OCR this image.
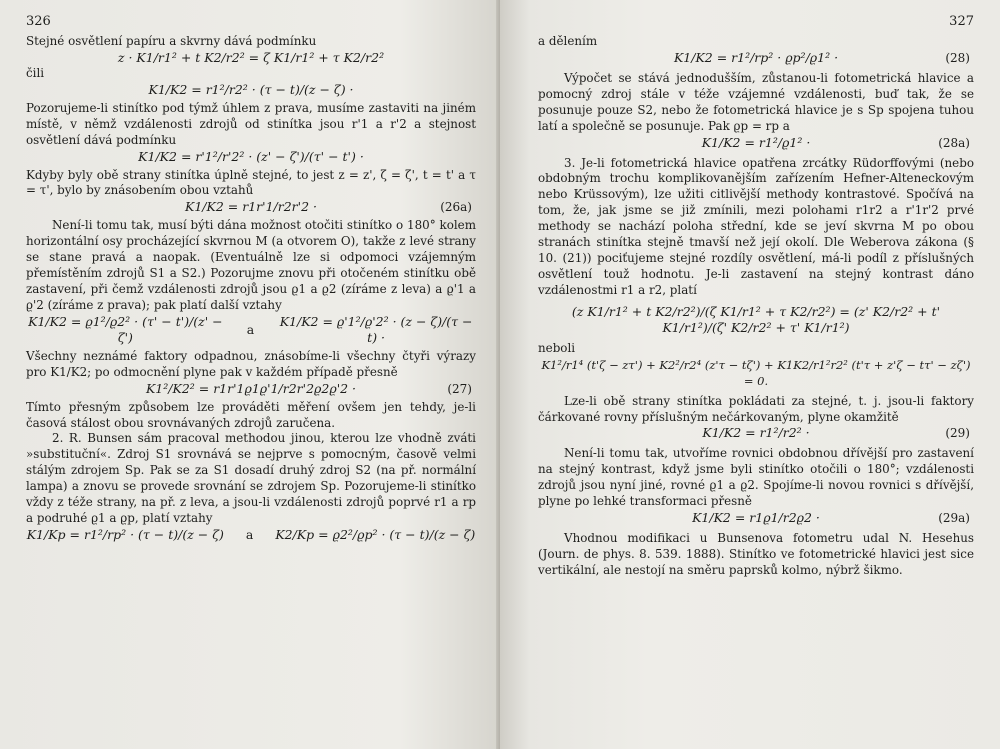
326

Stejné osvětlení papíru a skvrny dává podmínku

z · K1/r1² + t K2/r2² = ζ K1/r1² + τ K2/r2²

čili

K1/K2 = r1²/r2² · (τ − t)/(z − ζ) ·

Pozorujeme-li stinítko pod týmž úhlem z prava, musíme zastaviti na jiném místě, v němž vzdálenosti zdrojů od stinítka jsou r'1 a r'2 a stejnost osvětlení dává podmínku

K1/K2 = r'1²/r'2² · (z' − ζ')/(τ' − t') ·

Kdyby byly obě strany stinítka úplně stejné, to jest z = z', ζ = ζ', t = t' a τ = τ', bylo by znásobením obou vztahů

K1/K2 = r1r'1/r2r'2 ·	(26a)

Není-li tomu tak, musí býti dána možnost otočiti stinítko o 180° kolem horizontální osy procházející skvrnou M (a otvorem O), takže z levé strany se stane pravá a naopak. (Eventuálně lze si odpomoci vzájemným přemístěním zdrojů S1 a S2.) Pozorujme znovu při otočeném stinítku obě zastavení, při čemž vzdálenosti zdrojů jsou ϱ1 a ϱ2 (zíráme z leva) a ϱ'1 a ϱ'2 (zíráme z prava); pak platí další vztahy

K1/K2 = ϱ1²/ϱ2² · (τ' − t')/(z' − ζ')
a
K1/K2 = ϱ'1²/ϱ'2² · (z − ζ)/(τ − t) ·

Všechny neznámé faktory odpadnou, znásobíme-li všechny čtyři výrazy pro K1/K2; po odmocnění plyne pak v každém případě přesně

K1²/K2² = r1r'1ϱ1ϱ'1/r2r'2ϱ2ϱ'2 ·	(27)

Tímto přesným způsobem lze prováděti měření ovšem jen tehdy, je-li časová stálost obou srovnávaných zdrojů zaručena.

2. R. Bunsen sám pracoval methodou jinou, kterou lze vhodně zváti »substituční«. Zdroj S1 srovnává se nejprve s pomocným, časově velmi stálým zdrojem Sp. Pak se za S1 dosadí druhý zdroj S2 (na př. normální lampa) a znovu se provede srovnání se zdrojem Sp. Pozorujeme-li stinítko vždy z téže strany, na př. z leva, a jsou-li vzdálenosti zdrojů poprvé r1 a rp a podruhé ϱ1 a ϱp, platí vztahy

K1/Kp = r1²/rp² · (τ − t)/(z − ζ)	a	K2/Kp = ϱ2²/ϱp² · (τ − t)/(z − ζ)
327

a dělením

K1/K2 = r1²/rp² · ϱp²/ϱ1² ·	(28)

Výpočet se stává jednodušším, zůstanou-li fotometrická hlavice a pomocný zdroj stále v téže vzájemné vzdálenosti, buď tak, že se posunuje pouze S2, nebo že fotometrická hlavice je s Sp spojena tuhou latí a společně se posunuje. Pak ϱp = rp a

K1/K2 = r1²/ϱ1² ·	(28a)

3. Je-li fotometrická hlavice opatřena zrcátky Rüdorffovými (nebo obdobným trochu komplikovanějším zařízením Hefner-Alteneckovým nebo Krüssovým), lze užiti citlivější methody kontrastové. Spočívá na tom, že, jak jsme se již zmínili, mezi polohami r1r2 a r'1r'2 prvé methody se nachází poloha střední, kde se jeví skvrna M po obou stranách stinítka stejně tmavší než její okolí. Dle Weberova zákona (§ 10. (21)) pociťujeme stejné rozdíly osvětlení, má-li podíl z příslušných osvětlení touž hodnotu. Je-li zastavení na stejný kontrast dáno vzdálenostmi r1 a r2, platí

(z K1/r1² + t K2/r2²)/(ζ K1/r1² + τ K2/r2²) = (z' K2/r2² + t' K1/r1²)/(ζ' K2/r2² + τ' K1/r1²)

neboli

K1²/r1⁴ (t'ζ − zτ') + K2²/r2⁴ (z'τ − tζ') + K1K2/r1²r2² (t'τ + z'ζ − tτ' − zζ') = 0.

Lze-li obě strany stinítka pokládati za stejné, t. j. jsou-li faktory čárkované rovny příslušným nečárkovaným, plyne okamžitě

K1/K2 = r1²/r2² ·	(29)

Není-li tomu tak, utvoříme rovnici obdobnou dřívější pro zastavení na stejný kontrast, když jsme byli stinítko otočili o 180°; vzdálenosti zdrojů jsou nyní jiné, rovné ϱ1 a ϱ2. Spojíme-li novou rovnici s dřívější, plyne po lehké transformaci přesně

K1/K2 = r1ϱ1/r2ϱ2 ·	(29a)

Vhodnou modifikaci u Bunsenova fotometru udal N. Hesehus (Journ. de phys. 8. 539. 1888). Stinítko ve fotometrické hlavici jest sice vertikální, ale nestojí na směru paprsků kolmo, nýbrž šikmo.
